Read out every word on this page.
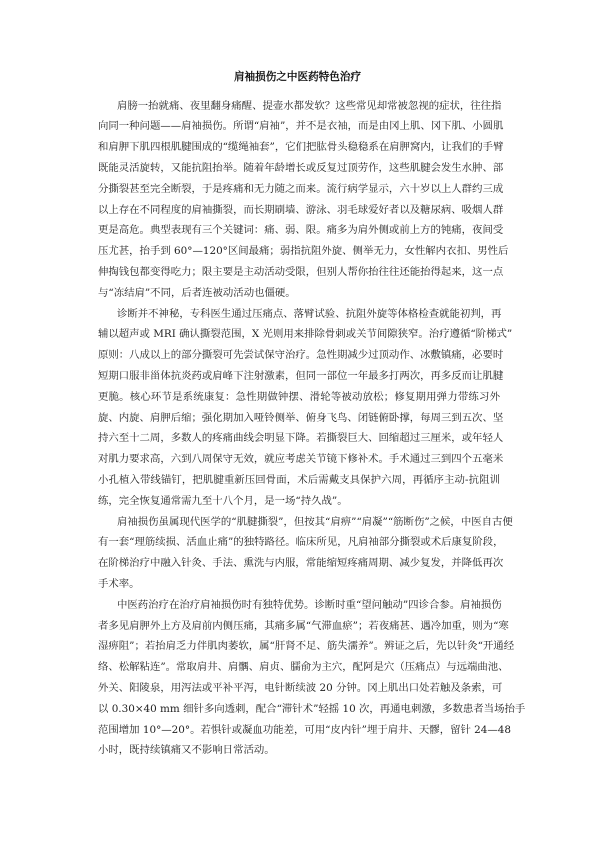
肩袖损伤之中医药特色治疗
肩膀一抬就痛、夜里翻身痛醒、提壶水都发软？这些常见却常被忽视的症状，往往指
向同一种问题——肩袖损伤。所谓“肩袖”，并不是衣袖，而是由冈上肌、冈下肌、小圆肌
和肩胛下肌四根肌腱围成的“缆绳袖套”，它们把肱骨头稳稳系在肩胛窝内，让我们的手臂
既能灵活旋转，又能抗阻抬举。随着年龄增长或反复过顶劳作，这些肌腱会发生水肿、部
分撕裂甚至完全断裂，于是疼痛和无力随之而来。流行病学显示，六十岁以上人群约三成
以上存在不同程度的肩袖撕裂，而长期刷墙、游泳、羽毛球爱好者以及糖尿病、吸烟人群
更是高危。典型表现有三个关键词：痛、弱、限。痛多为肩外侧或前上方的钝痛，夜间受
压尤甚，抬手到 60°—120°区间最痛；弱指抗阻外旋、侧举无力，女性解内衣扣、男性后
伸掏钱包都变得吃力；限主要是主动活动受限，但别人帮你抬往往还能抬得起来，这一点
与“冻结肩”不同，后者连被动活动也僵硬。
诊断并不神秘，专科医生通过压痛点、落臂试验、抗阻外旋等体格检查就能初判，再
辅以超声或 MRI 确认撕裂范围，X 光则用来排除骨刺或关节间隙狭窄。治疗遵循“阶梯式”
原则：八成以上的部分撕裂可先尝试保守治疗。急性期减少过顶动作、冰敷镇痛，必要时
短期口服非甾体抗炎药或肩峰下注射激素，但同一部位一年最多打两次，再多反而让肌腱
更脆。核心环节是系统康复：急性期做钟摆、滑轮等被动放松；修复期用弹力带练习外
旋、内旋、肩胛后缩；强化期加入哑铃侧举、俯身飞鸟、闭链俯卧撑，每周三到五次、坚
持六至十二周，多数人的疼痛曲线会明显下降。若撕裂巨大、回缩超过三厘米，或年轻人
对肌力要求高，六到八周保守无效，就应考虑关节镜下修补术。手术通过三到四个五毫米
小孔植入带线锚钉，把肌腱重新压回骨面，术后需戴支具保护六周，再循序主动-抗阻训
练，完全恢复通常需九至十八个月，是一场“持久战”。
肩袖损伤虽属现代医学的“肌腱撕裂”，但按其“肩痹”“肩凝”“筋断伤”之候，中医自古便
有一套“理筋续损、活血止痛”的独特路径。临床所见，凡肩袖部分撕裂或术后康复阶段，
在阶梯治疗中融入针灸、手法、熏洗与内服，常能缩短疼痛周期、减少复发，并降低再次
手术率。
中医药治疗在治疗肩袖损伤时有独特优势。诊断时重“望问触动”四诊合参。肩袖损伤
者多见肩胛外上方及肩前内侧压痛，其痛多属“气滞血瘀”；若夜痛甚、遇冷加重，则为“寒
湿痹阻”；若抬肩乏力伴肌肉萎软，属“肝肾不足、筋失濡养”。辨证之后，先以针灸“开通经
络、松解粘连”。常取肩井、肩髃、肩贞、臑俞为主穴，配阿是穴（压痛点）与远端曲池、
外关、阳陵泉，用泻法或平补平泻，电针断续波 20 分钟。冈上肌出口处若触及条索，可
以 0.30×40 mm 细针多向透刺，配合“滞针术”轻摇 10 次，再通电刺激，多数患者当场抬手
范围增加 10°—20°。若惧针或凝血功能差，可用“皮内针”埋于肩井、天髎，留针 24—48
小时，既持续镇痛又不影响日常活动。
